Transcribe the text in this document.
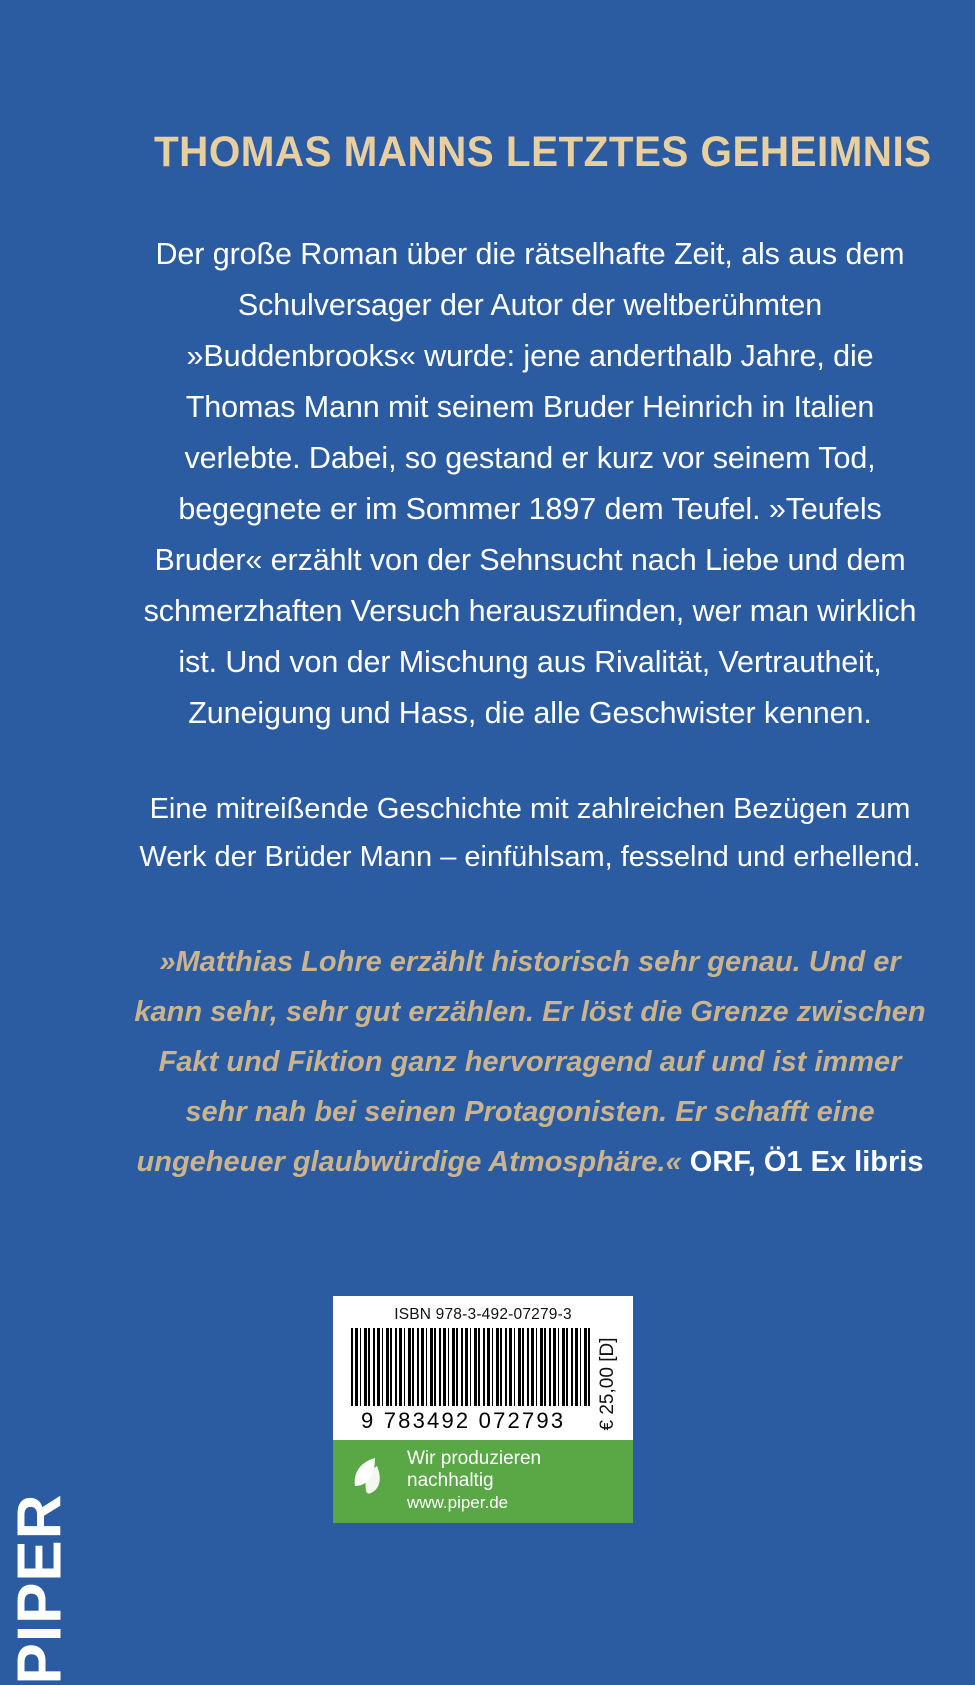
PIPER
THOMAS MANNS LETZTES GEHEIMNIS

Der große Roman über die rätselhafte Zeit, als aus dem Schulversager der Autor der weltberühmten »Buddenbrooks« wurde: jene anderthalb Jahre, die Thomas Mann mit seinem Bruder Heinrich in Italien verlebte. Dabei, so gestand er kurz vor seinem Tod, begegnete er im Sommer 1897 dem Teufel. »Teufels Bruder« erzählt von der Sehnsucht nach Liebe und dem schmerzhaften Versuch herauszufinden, wer man wirklich ist. Und von der Mischung aus Rivalität, Vertrautheit, Zuneigung und Hass, die alle Geschwister kennen.

Eine mitreißende Geschichte mit zahlreichen Bezügen zum Werk der Brüder Mann – einfühlsam, fesselnd und erhellend.

»Matthias Lohre erzählt historisch sehr genau. Und er kann sehr, sehr gut erzählen. Er löst die Grenze zwischen Fakt und Fiktion ganz hervorragend auf und ist immer sehr nah bei seinen Protagonisten. Er schafft eine ungeheuer glaubwürdige Atmosphäre.« ORF, Ö1 Ex libris

ISBN 978-3-492-07279-3
9 783492 072793	€ 25,00 [D]
Wir produzieren
nachhaltig
www.piper.de
